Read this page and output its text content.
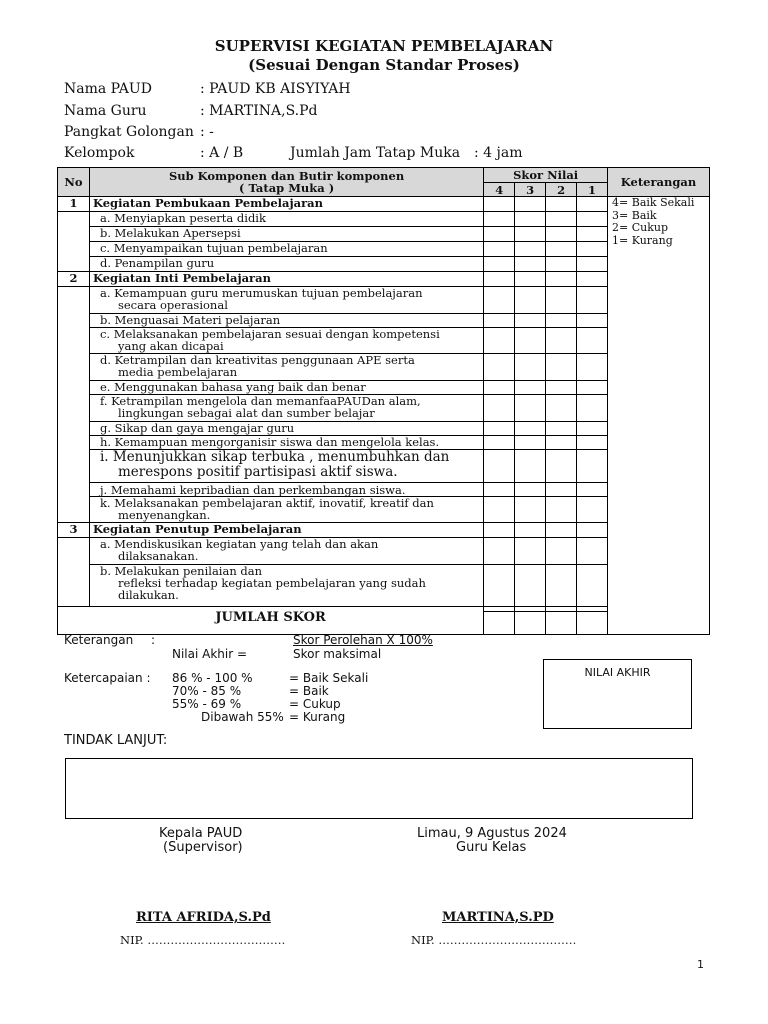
SUPERVISI KEGIATAN PEMBELAJARAN
(Sesuai Dengan Standar Proses)
Nama PAUD	: PAUD KB AISYIYAH
Nama Guru	: MARTINA,S.Pd
Pangkat Golongan : -
Kelompok	: A / B	Jumlah Jam Tatap Muka : 4 jam
No	Sub Komponen dan Butir komponen
( Tatap Muka )	Skor Nilai				Keterangan
		4	3	2	1	
1	Kegiatan Pembukaan Pembelajaran					4= Baik Sekali
3= Baik
2= Cukup
1= Kurang

	a. Menyiapkan peserta didik					
	b. Melakukan Apersepsi					
	c. Menyampaikan tujuan pembelajaran					
	d. Penampilan guru					
2	Kegiatan Inti Pembelajaran					
	a. Kemampuan guru merumuskan tujuan pembelajaran
secara operasional					

	b. Menguasai Materi pelajaran					
	c. Melaksanakan pembelajaran sesuai dengan kompetensi
yang akan dicapai					

	d. Ketrampilan dan kreativitas penggunaan APE serta
media pembelajaran					

	e. Menggunakan bahasa yang baik dan benar					
	f. Ketrampilan mengelola dan memanfaaPAUDan alam,
lingkungan sebagai alat dan sumber belajar					

	g. Sikap dan gaya mengajar guru					
	h. Kemampuan mengorganisir siswa dan mengelola kelas.					
	i. Menunjukkan sikap terbuka , menumbuhkan dan
merespons positif partisipasi aktif siswa.					

	j. Memahami kepribadian dan perkembangan siswa.					
	k. Melaksanakan pembelajaran aktif, inovatif, kreatif dan
menyenangkan.					

3	Kegiatan Penutup Pembelajaran					
	a. Mendiskusikan kegiatan yang telah dan akan
dilaksanakan.					

	b. Melakukan penilaian dan
refleksi terhadap kegiatan pembelajaran yang sudah
dilakukan.					

JUMLAH SKOR						
Keterangan :	Skor Perolehan X 100%
Nilai Akhir =	Skor maksimal
Ketercapaian : 86 % - 100 %	= Baik Sekali
70% - 85 %	= Baik
55% - 69 %	= Cukup
Dibawah 55% = Kurang
NILAI AKHIR
TINDAK LANJUT:
Kepala PAUD
(Supervisor)
Limau, 9 Agustus 2024
Guru Kelas
RITA AFRIDA,S.Pd	MARTINA,S.PD
NIP. ………………………………	NIP. ………………………………
1
